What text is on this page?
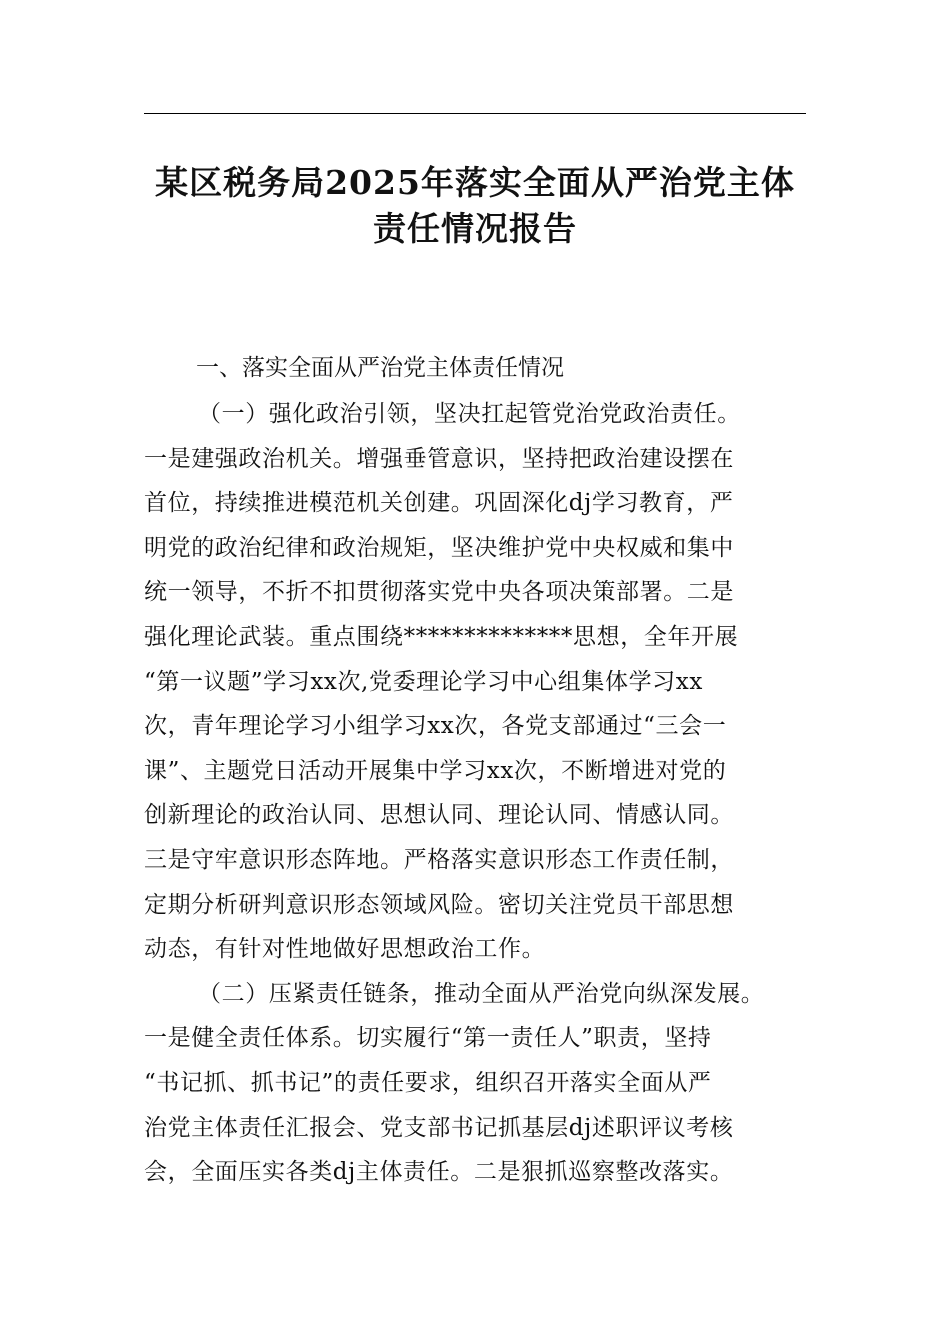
某区税务局2025年落实全面从严治党主体
责任情况报告
一、落实全面从严治党主体责任情况
（一）强化政治引领，坚决扛起管党治党政治责任。
一是建强政治机关。增强垂管意识，坚持把政治建设摆在
首位，持续推进模范机关创建。巩固深化dj学习教育，严
明党的政治纪律和政治规矩，坚决维护党中央权威和集中
统一领导，不折不扣贯彻落实党中央各项决策部署。二是
强化理论武装。重点围绕**************思想，全年开展
“第一议题”学习xx次,党委理论学习中心组集体学习xx
次，青年理论学习小组学习xx次，各党支部通过“三会一
课”、主题党日活动开展集中学习xx次，不断增进对党的
创新理论的政治认同、思想认同、理论认同、情感认同。
三是守牢意识形态阵地。严格落实意识形态工作责任制，
定期分析研判意识形态领域风险。密切关注党员干部思想
动态，有针对性地做好思想政治工作。
（二）压紧责任链条，推动全面从严治党向纵深发展。
一是健全责任体系。切实履行“第一责任人”职责，坚持
“书记抓、抓书记”的责任要求，组织召开落实全面从严
治党主体责任汇报会、党支部书记抓基层dj述职评议考核
会，全面压实各类dj主体责任。二是狠抓巡察整改落实。
